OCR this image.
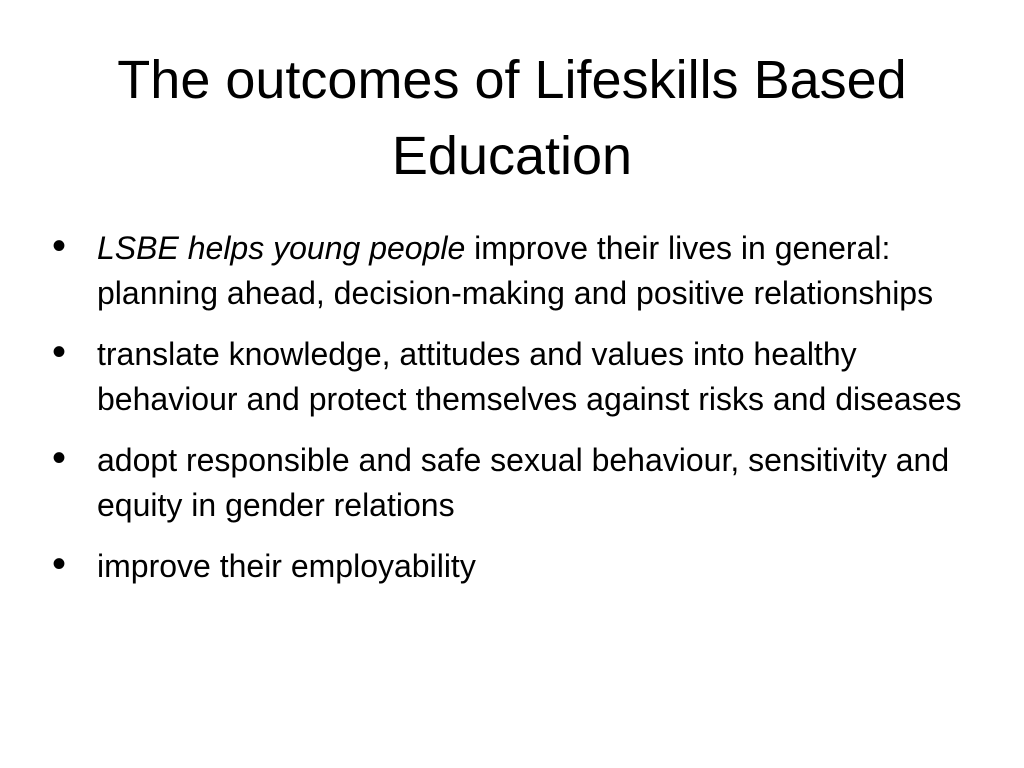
The outcomes of Lifeskills Based
Education
• LSBE helps young people improve their lives in general: planning ahead, decision-making and positive relationships
• translate knowledge, attitudes and values into healthy behaviour and protect themselves against risks and diseases
• adopt responsible and safe sexual behaviour, sensitivity and equity in gender relations
• improve their employability
